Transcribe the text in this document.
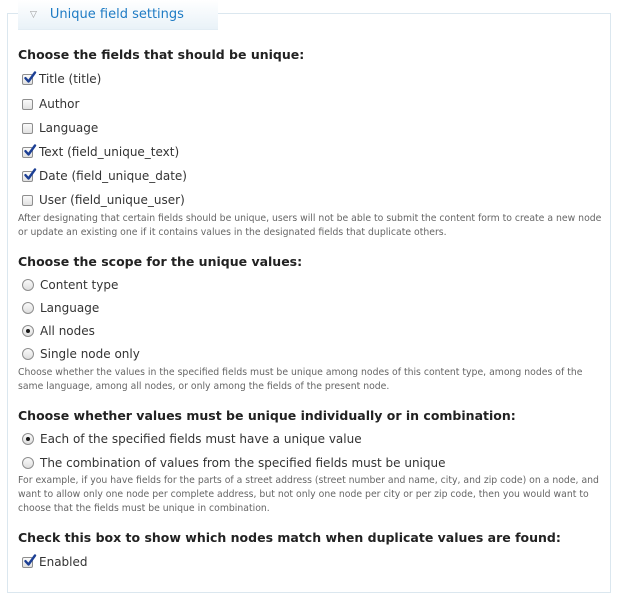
▽ Unique field settings
Choose the fields that should be unique:
Title (title)
Author
Language
Text (field_unique_text)
Date (field_unique_date)
User (field_unique_user)
After designating that certain fields should be unique, users will not be able to submit the content form to create a new node or update an existing one if it contains values in the designated fields that duplicate others.
Choose the scope for the unique values:
Content type
Language
All nodes
Single node only
Choose whether the values in the specified fields must be unique among nodes of this content type, among nodes of the same language, among all nodes, or only among the fields of the present node.
Choose whether values must be unique individually or in combination:
Each of the specified fields must have a unique value
The combination of values from the specified fields must be unique
For example, if you have fields for the parts of a street address (street number and name, city, and zip code) on a node, and want to allow only one node per complete address, but not only one node per city or per zip code, then you would want to choose that the fields must be unique in combination.
Check this box to show which nodes match when duplicate values are found:
Enabled
